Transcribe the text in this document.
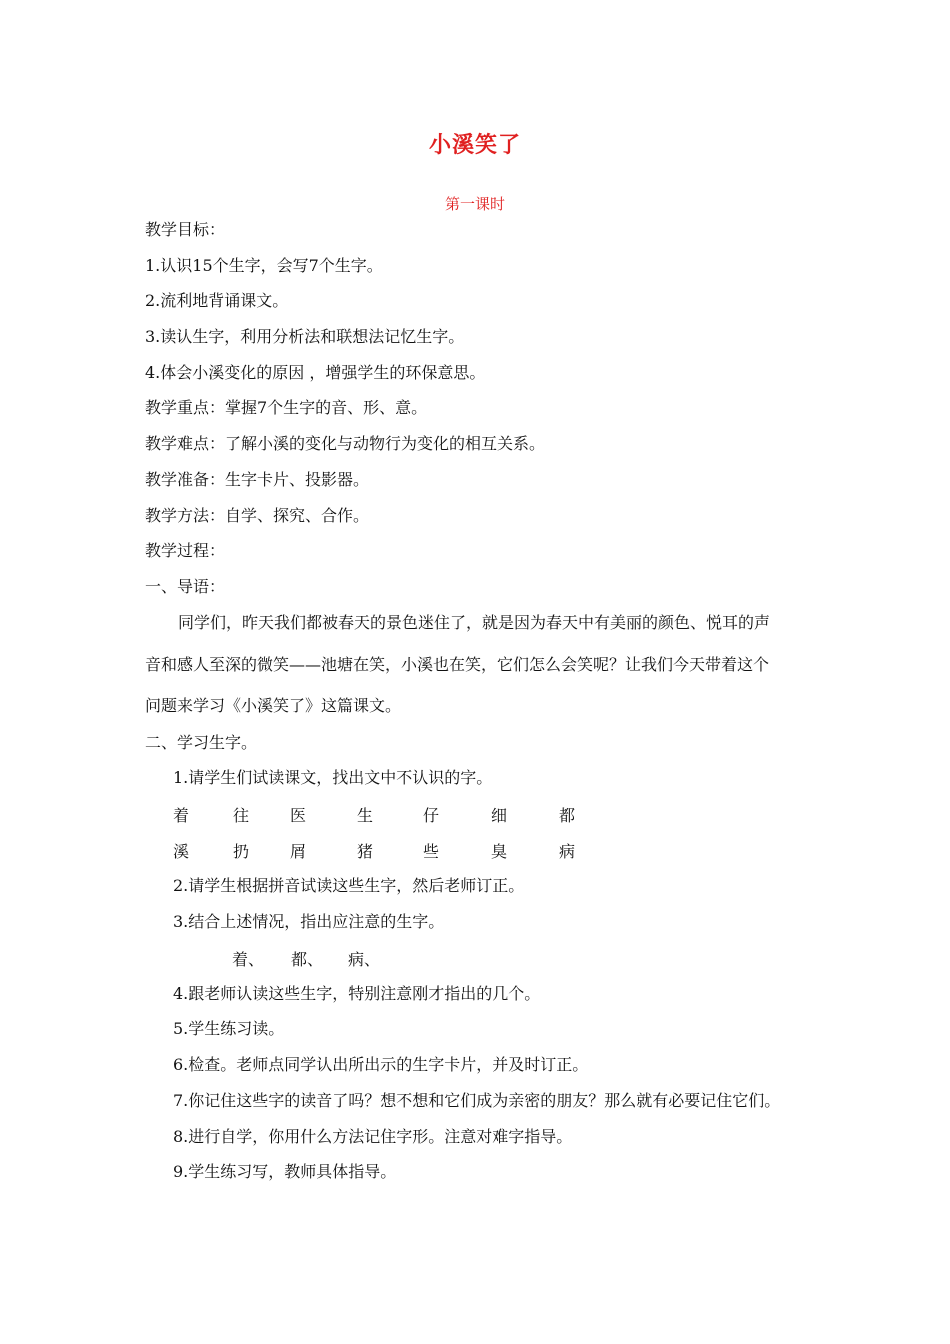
小溪笑了
第一课时
教学目标：
1.认识15个生字，会写7个生字。
2.流利地背诵课文。
3.读认生字，利用分析法和联想法记忆生字。
4.体会小溪变化的原因 ，增强学生的环保意思。
教学重点：掌握7个生字的音、形、意。
教学难点：了解小溪的变化与动物行为变化的相互关系。
教学准备：生字卡片、投影器。
教学方法：自学、探究、合作。
教学过程：
一、导语：
同学们，昨天我们都被春天的景色迷住了，就是因为春天中有美丽的颜色、悦耳的声
音和感人至深的微笑——池塘在笑，小溪也在笑，它们怎么会笑呢？让我们今天带着这个
问题来学习《小溪笑了》这篇课文。
二、学习生字。
1.请学生们试读课文，找出文中不认识的字。
着	往	医	生	仔	细	都
溪	扔	屑	猪	些	臭	病
2.请学生根据拼音试读这些生字，然后老师订正。
3.结合上述情况，指出应注意的生字。
着、 都、 病、
4.跟老师认读这些生字，特别注意刚才指出的几个。
5.学生练习读。
6.检查。老师点同学认出所出示的生字卡片，并及时订正。
7.你记住这些字的读音了吗？想不想和它们成为亲密的朋友？那么就有必要记住它们。
8.进行自学，你用什么方法记住字形。注意对难字指导。
9.学生练习写，教师具体指导。
